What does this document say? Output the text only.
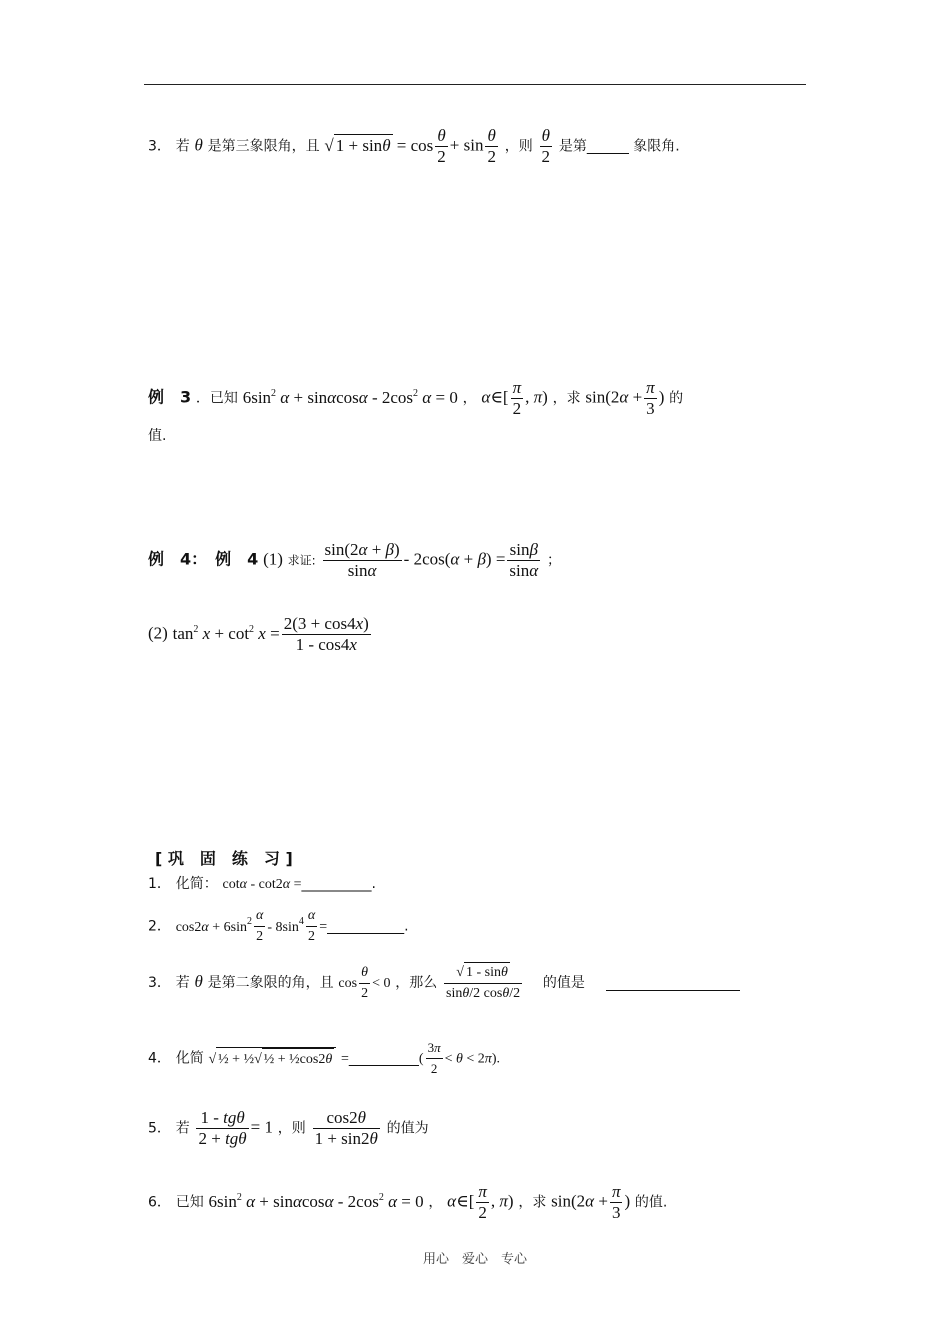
3． 若 θ 是第三象限角，且 √ $1 + \sin\theta = \cos \frac{\theta}{2} + \sin \frac{\theta}{2}$ ，则 $\frac{\theta}{2}$ 是第______ 象限角.
例　3 ．已知 $6\sin^2$ $\alpha + \sin\alpha\cos\alpha - 2\cos^2$ α = 0 ， α∈[ $\frac{\pi}{2}$ , π) ，求 $\sin(2\alpha + \frac{\pi}{3}$ ) 的
值.
例　4：　例　4 (1) 求证: $\frac{\sin(2\alpha + \beta)}{\sin\alpha} - 2\cos(\alpha + \beta) = \frac{\sin\beta}{\sin\alpha}$ ；
(2) $\tan^2 x + \cot^2 x = \frac{2(3 + \cos 4x)}{1 - \cos 4x}$
[ 巩　固　练　习 ]
1． 化简： cotα - cot2α =__________.
2． $\cos 2\alpha + 6\sin^2 \frac{\alpha}{2} - 8\sin^4 \frac{\alpha}{2}$ =___________.
3． 若 θ 是第二象限的角，且 $\cos \frac{\theta}{2} < 0$ ，那么 $\frac{√ 1 - \sin\theta}{\sin\theta/2 \cos\theta/2}$ 的值是
4． 化简 √ ½ + ½√ ½ + ½cos2θ =__________( $\frac{3\pi}{2} < \theta < 2\pi$).
5． 若 $\frac{\text{1 - tgθ}}{\text{2 + tgθ}} = 1$ ，则 $\frac{\cos 2\theta}{1 + \sin 2\theta}$ 的值为
6． 已知 $6\sin^2$ $\alpha + \sin\alpha\cos\alpha - 2\cos^2$ α = 0 ， α∈[ $\frac{\pi}{2}$ , π) ，求 $\sin(2\alpha + \frac{\pi}{3}$ ) 的值.
用心　爱心　专心
